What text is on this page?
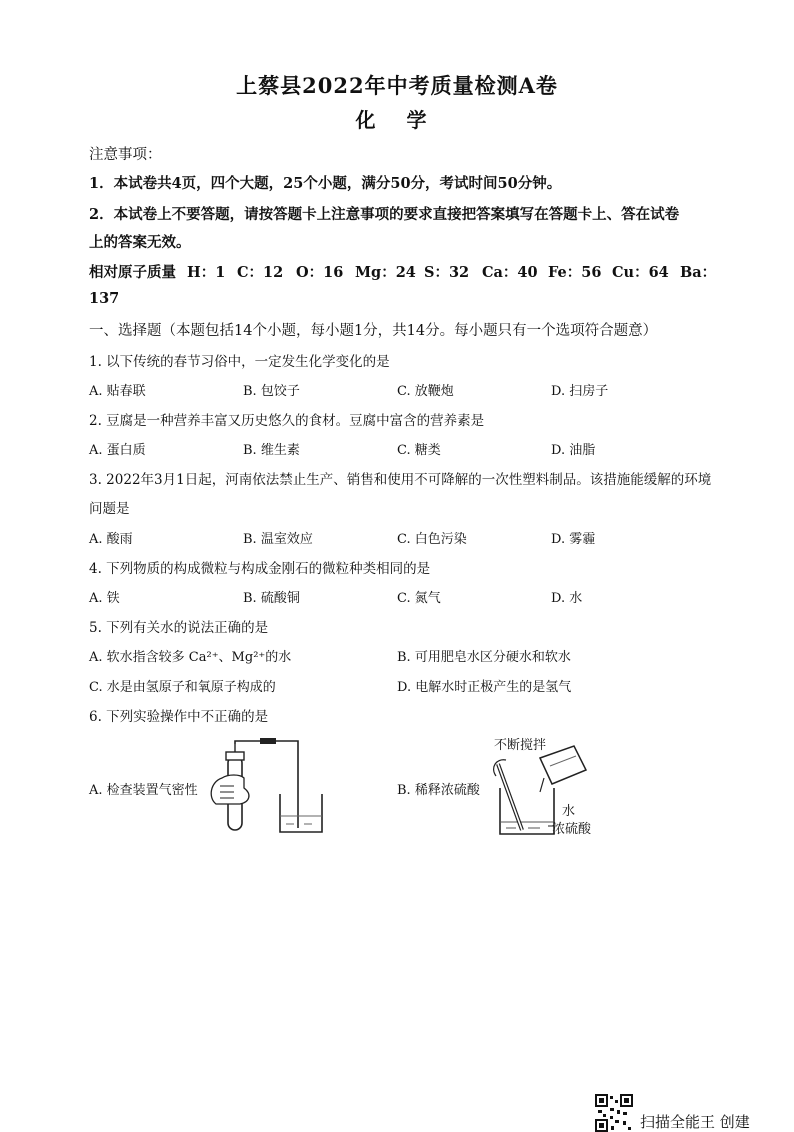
上蔡县2022年中考质量检测A卷
化 学
注意事项：
1．本试卷共4页，四个大题，25个小题，满分50分，考试时间50分钟。
2．本试卷上不要答题，请按答题卡上注意事项的要求直接把答案填写在答题卡上、答在试卷
上的答案无效。
相对原子质量 H：1 C：12 O：16 Mg：24 S：32 Ca：40 Fe：56 Cu：64 Ba：
137
一、选择题（本题包括14个小题，每小题1分，共14分。每小题只有一个选项符合题意）
1. 以下传统的春节习俗中，一定发生化学变化的是
A. 贴春联	B. 包饺子	C. 放鞭炮	D. 扫房子
2. 豆腐是一种营养丰富又历史悠久的食材。豆腐中富含的营养素是
A. 蛋白质	B. 维生素	C. 糖类	D. 油脂
3. 2022年3月1日起，河南依法禁止生产、销售和使用不可降解的一次性塑料制品。该措施能缓解的环境
问题是
A. 酸雨	B. 温室效应	C. 白色污染	D. 雾霾
4. 下列物质的构成微粒与构成金刚石的微粒种类相同的是
A. 铁	B. 硫酸铜	C. 氮气	D. 水
5. 下列有关水的说法正确的是
A. 软水指含较多 Ca²⁺、Mg²⁺的水	B. 可用肥皂水区分硬水和软水
C. 水是由氢原子和氧原子构成的	D. 电解水时正极产生的是氢气
6. 下列实验操作中不正确的是
A. 检查装置气密性	B. 稀释浓硫酸
不断搅拌
水
浓硫酸
扫描全能王 创建
